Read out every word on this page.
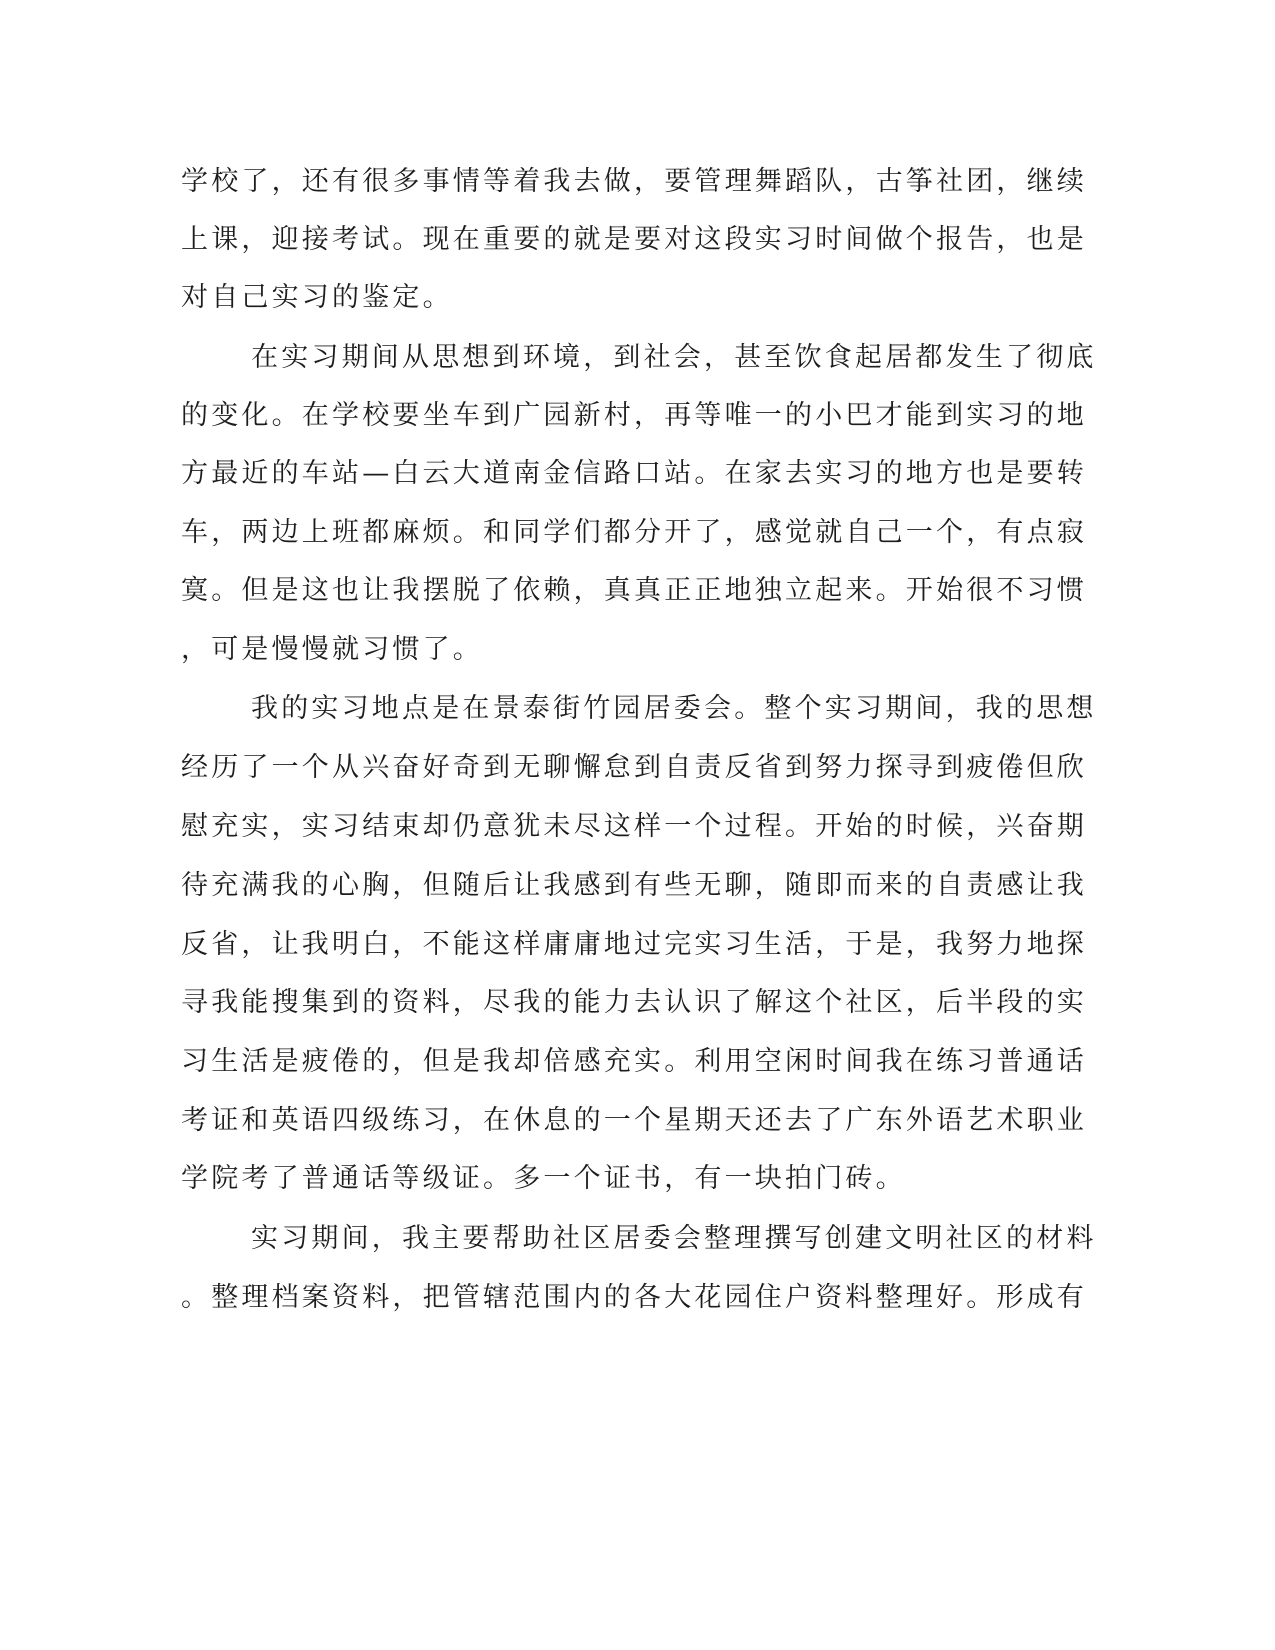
学校了，还有很多事情等着我去做，要管理舞蹈队，古筝社团，继续

上课，迎接考试。现在重要的就是要对这段实习时间做个报告，也是

对自己实习的鉴定。

在实习期间从思想到环境，到社会，甚至饮食起居都发生了彻底

的变化。在学校要坐车到广园新村，再等唯一的小巴才能到实习的地

方最近的车站—白云大道南金信路口站。在家去实习的地方也是要转

车，两边上班都麻烦。和同学们都分开了，感觉就自己一个，有点寂

寞。但是这也让我摆脱了依赖，真真正正地独立起来。开始很不习惯

，可是慢慢就习惯了。

我的实习地点是在景泰街竹园居委会。整个实习期间，我的思想

经历了一个从兴奋好奇到无聊懈怠到自责反省到努力探寻到疲倦但欣

慰充实，实习结束却仍意犹未尽这样一个过程。开始的时候，兴奋期

待充满我的心胸，但随后让我感到有些无聊，随即而来的自责感让我

反省，让我明白，不能这样庸庸地过完实习生活，于是，我努力地探

寻我能搜集到的资料，尽我的能力去认识了解这个社区，后半段的实

习生活是疲倦的，但是我却倍感充实。利用空闲时间我在练习普通话

考证和英语四级练习，在休息的一个星期天还去了广东外语艺术职业

学院考了普通话等级证。多一个证书，有一块拍门砖。

实习期间，我主要帮助社区居委会整理撰写创建文明社区的材料

。整理档案资料，把管辖范围内的各大花园住户资料整理好。形成有
